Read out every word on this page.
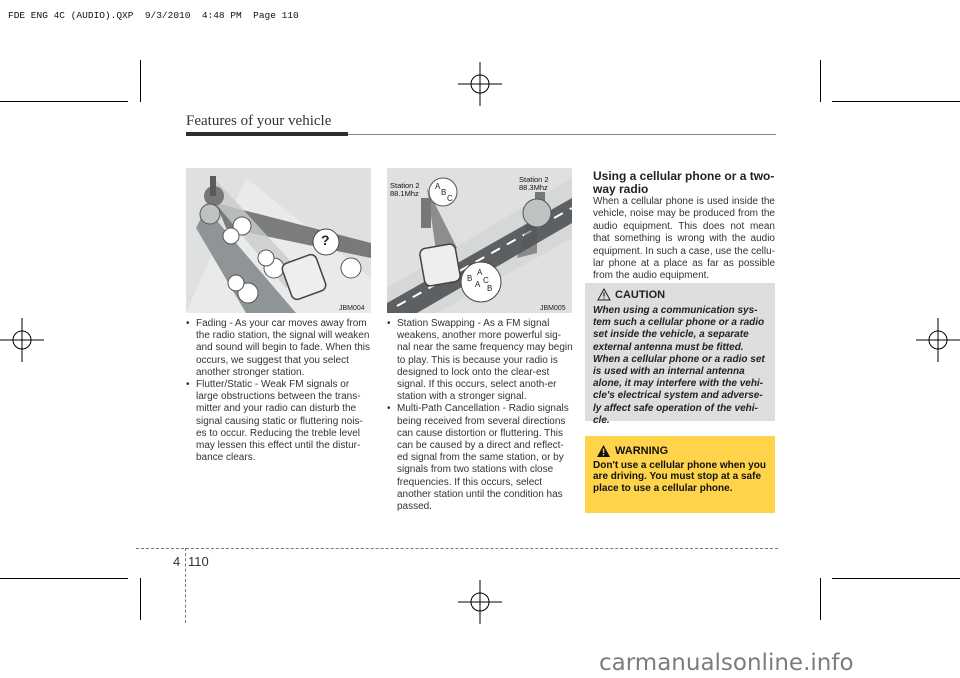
FDE ENG 4C (AUDIO).QXP  9/3/2010  4:48 PM  Page 110
Features of your vehicle
?
JBM004
Station 2
88.1Mhz
Station 2
88.3Mhz
A
B
C
A
B C
A B
JBM005
• Fading - As your car moves away from the radio station, the signal will weaken and sound will begin to fade. When this occurs, we suggest that you select another stronger station.
• Flutter/Static - Weak FM signals or large obstructions between the trans-mitter and your radio can disturb the signal causing static or fluttering nois-es to occur. Reducing the treble level may lessen this effect until the distur-bance clears.
• Station Swapping - As a FM signal weakens, another more powerful sig-nal near the same frequency may begin to play. This is because your radio is designed to lock onto the clear-est signal. If this occurs, select anoth-er station with a stronger signal.
• Multi-Path Cancellation - Radio signals being received from several directions can cause distortion or fluttering. This can be caused by a direct and reflect-ed signal from the same station, or by signals from two stations with close frequencies. If this occurs, select another station until the condition has passed.
Using a cellular phone or a two-way radio
When a cellular phone is used inside the vehicle, noise may be produced from the audio equipment. This does not mean that something is wrong with the audio equipment. In such a case, use the cellu-lar phone at a place as far as possible from the audio equipment.
CAUTION
When using a communication sys-tem such a cellular phone or a radio set inside the vehicle, a separate external antenna must be fitted. When a cellular phone or a radio set is used with an internal antenna alone, it may interfere with the vehi-cle's electrical system and adverse-ly affect safe operation of the vehi-cle.
WARNING
Don't use a cellular phone when you are driving. You must stop at a safe place to use a cellular phone.
4 110
carmanualsonline.info
